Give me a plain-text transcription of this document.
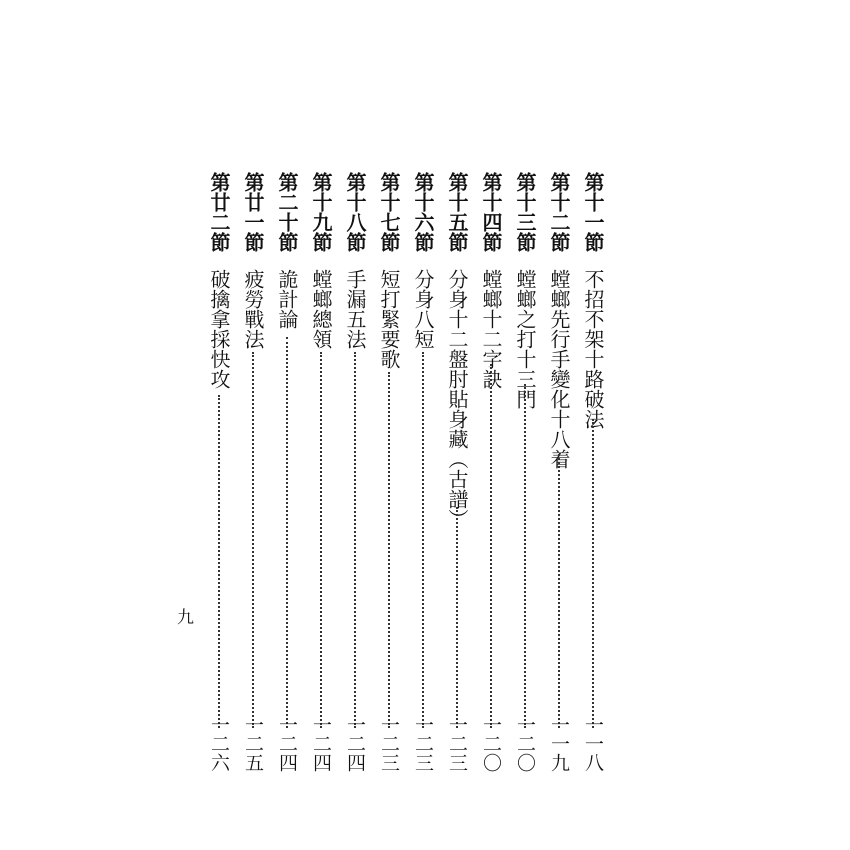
第十一節
不招不架十路破法
一一八
第十二節
螳螂先行手變化十八着
一一九
第十三節
螳螂之打十三門
一二〇
第十四節
螳螂十二字訣
一二〇
第十五節
分身十二盤肘貼身藏︵古譜︶
一二三
第十六節
分身八短
一二三
第十七節
短打緊要歌
一二三
第十八節
手漏五法
一二四
第十九節
螳螂總領
一二四
第二十節
詭計論
一二四
第廿一節
疲勞戰法
一二五
第廿二節
破擒拿採快攻
一二六
九
